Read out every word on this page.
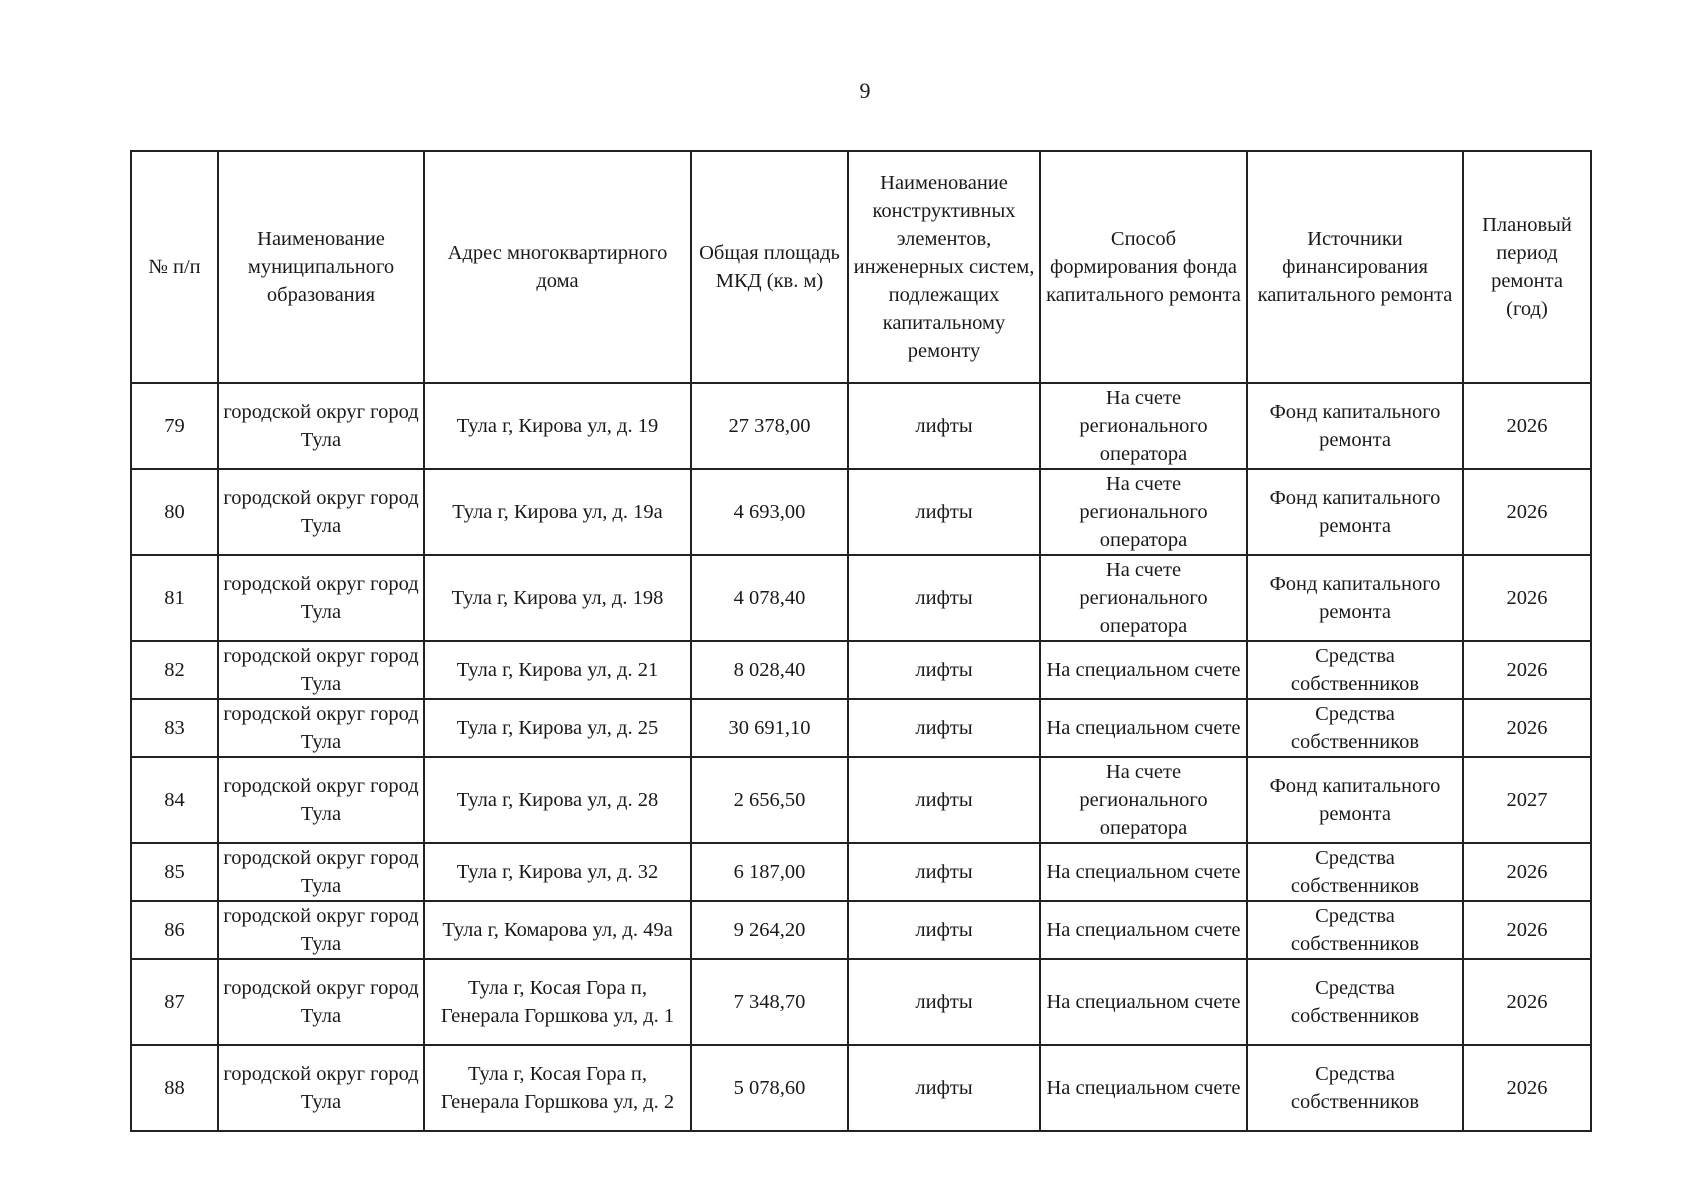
9
№ п/п	Наименование муниципального образования	Адрес многоквартирного дома	Общая площадь МКД (кв. м)	Наименование конструктивных элементов, инженерных систем, подлежащих капитальному ремонту	Способ формирования фонда капитального ремонта	Источники финансирования капитального ремонта	Плановый период ремонта (год)
79	городской округ город Тула	Тула г, Кирова ул, д. 19	27 378,00	лифты	На счете регионального оператора	Фонд капитального ремонта	2026
80	городской округ город Тула	Тула г, Кирова ул, д. 19а	4 693,00	лифты	На счете регионального оператора	Фонд капитального ремонта	2026
81	городской округ город Тула	Тула г, Кирова ул, д. 198	4 078,40	лифты	На счете регионального оператора	Фонд капитального ремонта	2026
82	городской округ город Тула	Тула г, Кирова ул, д. 21	8 028,40	лифты	На специальном счете	Средства собственников	2026
83	городской округ город Тула	Тула г, Кирова ул, д. 25	30 691,10	лифты	На специальном счете	Средства собственников	2026
84	городской округ город Тула	Тула г, Кирова ул, д. 28	2 656,50	лифты	На счете регионального оператора	Фонд капитального ремонта	2027
85	городской округ город Тула	Тула г, Кирова ул, д. 32	6 187,00	лифты	На специальном счете	Средства собственников	2026
86	городской округ город Тула	Тула г, Комарова ул, д. 49а	9 264,20	лифты	На специальном счете	Средства собственников	2026
87	городской округ город Тула	Тула г, Косая Гора п, Генерала Горшкова ул, д. 1	7 348,70	лифты	На специальном счете	Средства собственников	2026
88	городской округ город Тула	Тула г, Косая Гора п, Генерала Горшкова ул, д. 2	5 078,60	лифты	На специальном счете	Средства собственников	2026
